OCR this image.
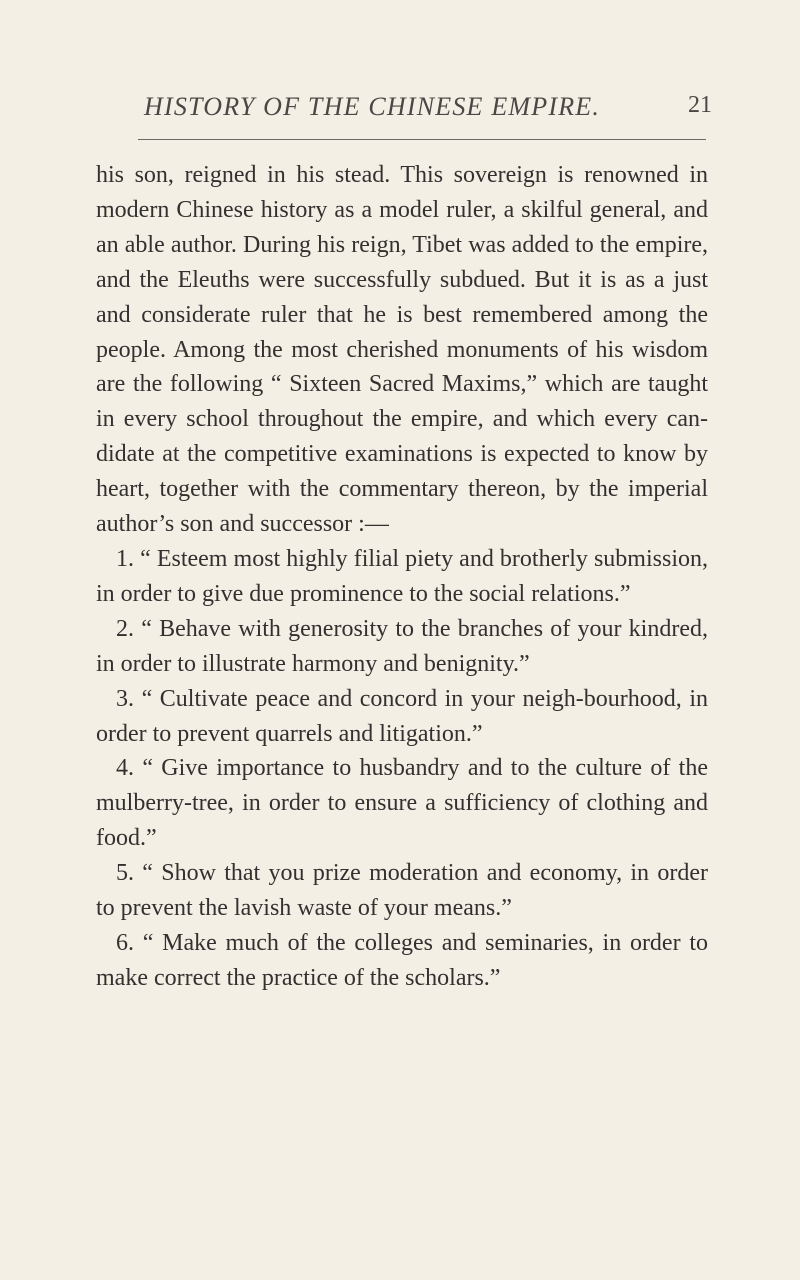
HISTORY OF THE CHINESE EMPIRE.	21

his son, reigned in his stead. This sovereign is renowned in modern Chinese history as a model ruler, a skilful general, and an able author. During his reign, Tibet was added to the empire, and the Eleuths were successfully subdued. But it is as a just and considerate ruler that he is best remembered among the people. Among the most cherished monuments of his wisdom are the following “ Sixteen Sacred Maxims,” which are taught in every school throughout the empire, and which every can-didate at the competitive examinations is expected to know by heart, together with the commentary thereon, by the imperial author’s son and successor :—

1. “ Esteem most highly filial piety and brotherly submission, in order to give due prominence to the social relations.”

2. “ Behave with generosity to the branches of your kindred, in order to illustrate harmony and benignity.”

3. “ Cultivate peace and concord in your neigh-bourhood, in order to prevent quarrels and litigation.”

4. “ Give importance to husbandry and to the culture of the mulberry-tree, in order to ensure a sufficiency of clothing and food.”

5. “ Show that you prize moderation and economy, in order to prevent the lavish waste of your means.”

6. “ Make much of the colleges and seminaries, in order to make correct the practice of the scholars.”
